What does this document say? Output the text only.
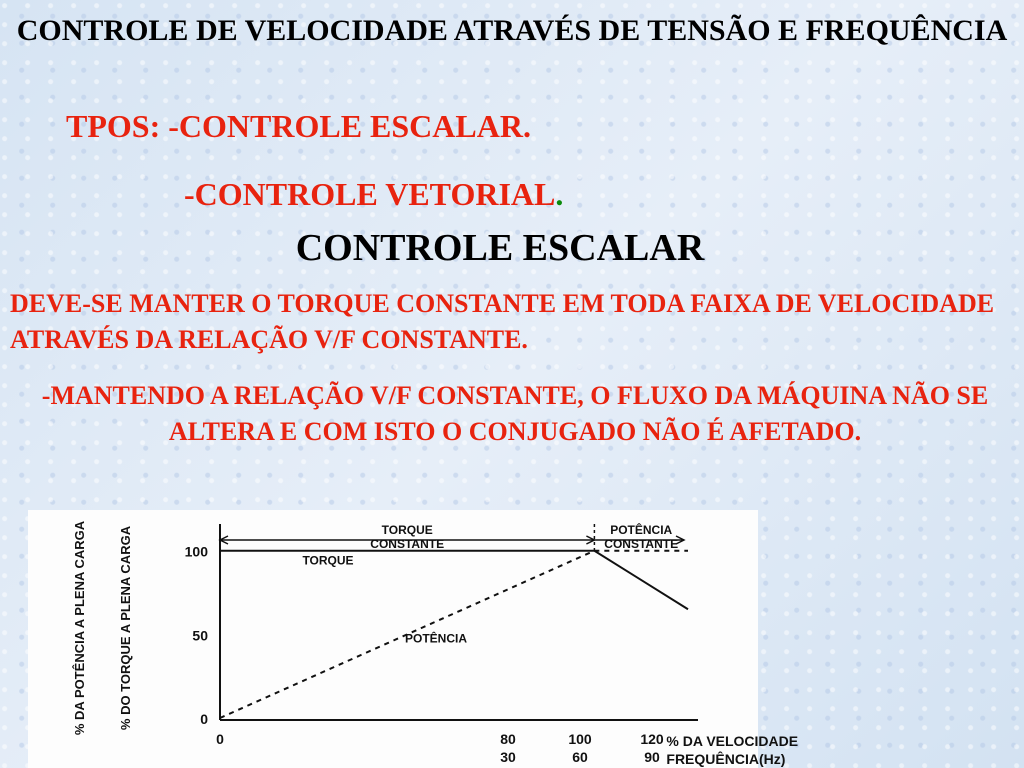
CONTROLE DE VELOCIDADE ATRAVÉS DE TENSÃO E FREQUÊNCIA
TPOS: -CONTROLE ESCALAR.
-CONTROLE VETORIAL.
CONTROLE ESCALAR
DEVE-SE MANTER O TORQUE CONSTANTE EM TODA FAIXA DE VELOCIDADE ATRAVÉS DA RELAÇÃO V/F CONSTANTE.
-MANTENDO A RELAÇÃO V/F CONSTANTE, O FLUXO DA MÁQUINA NÃO SE ALTERA E COM ISTO O CONJUGADO NÃO É AFETADO.
0
50
100
0	80	100	120
30	60	90
% DA VELOCIDADE
FREQUÊNCIA(Hz)
% DA POTÊNCIA A PLENA CARGA % DO TORQUE A PLENA CARGA	TORQUE
CONSTANTE
POTÊNCIA
CONSTANTE
TORQUE
POTÊNCIA
